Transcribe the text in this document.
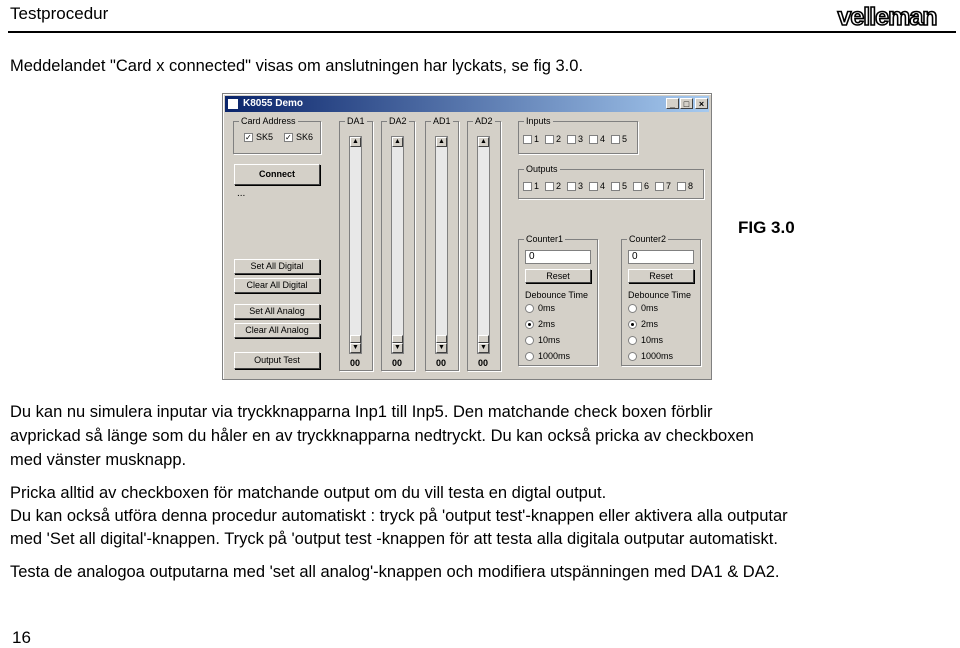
Testprocedur	velleman
Meddelandet "Card x connected" visas om anslutningen har lyckats, se fig 3.0.
K8055 Demo	_ □	×
Card Address
✓ SK5 ✓ SK6
Connect
...
Set All Digital
Clear All Digital
Set All Analog
Clear All Analog
Output Test
DA1
▲
▼
00
DA2
▲
▼
00
AD1
▲
▼
00
AD2
▲
▼
00
Inputs
1 2 3 4 5
Outputs
1 2 3 4 5 6 7 8
Counter1
0
Reset
Debounce Time
0ms
2ms
10ms
1000ms
Counter2
0
Reset
Debounce Time
0ms
2ms
10ms
1000ms
FIG 3.0
Du kan nu simulera inputar via tryckknapparna Inp1 till Inp5. Den matchande check boxen förblir
avprickad så länge som du håler en av tryckknapparna nedtryckt. Du kan också pricka av checkboxen
med vänster musknapp.
Pricka alltid av checkboxen för matchande output om du vill testa en digtal output.
Du kan också utföra denna procedur automatiskt : tryck på 'output test'-knappen eller aktivera alla outputar
med 'Set all digital'-knappen. Tryck på 'output test -knappen för att testa alla digitala outputar automatiskt.
Testa de analogoa outputarna med 'set all analog'-knappen och modifiera utspänningen med DA1 & DA2.
16
